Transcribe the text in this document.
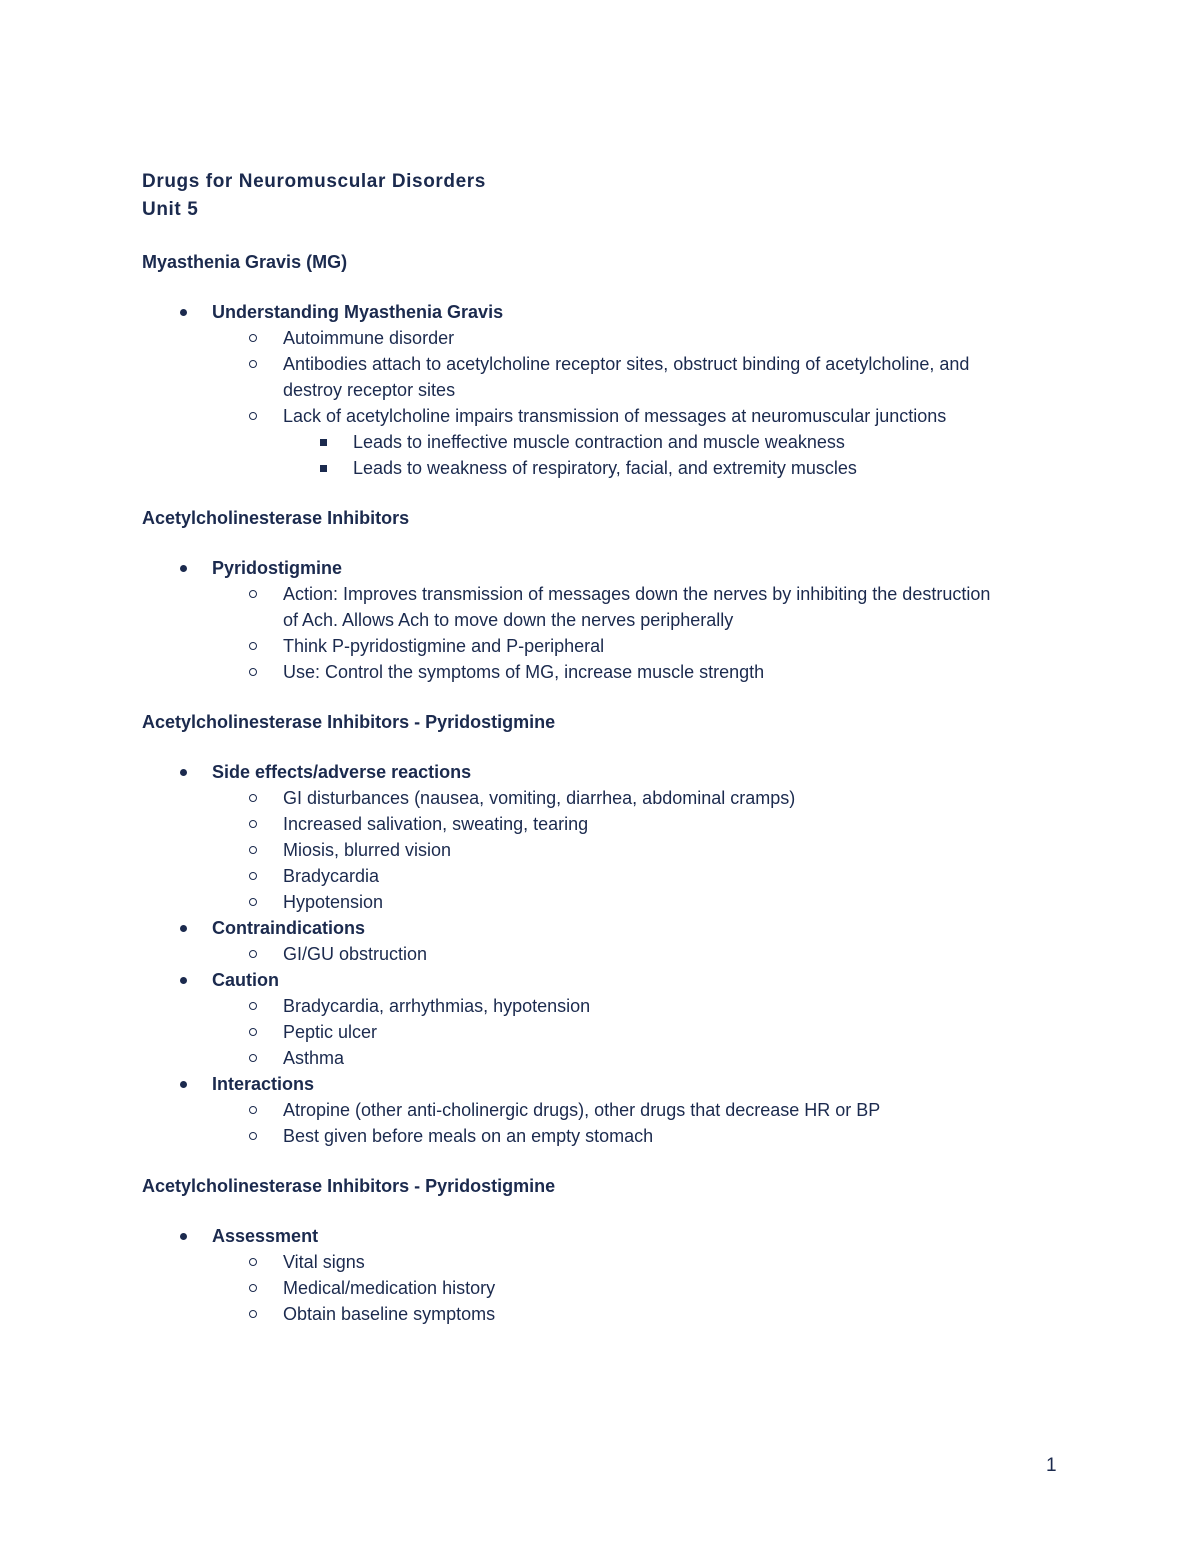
Drugs for Neuromuscular Disorders
Unit 5
Myasthenia Gravis (MG)
Understanding Myasthenia Gravis
Autoimmune disorder
Antibodies attach to acetylcholine receptor sites, obstruct binding of acetylcholine, and
destroy receptor sites
Lack of acetylcholine impairs transmission of messages at neuromuscular junctions
Leads to ineffective muscle contraction and muscle weakness
Leads to weakness of respiratory, facial, and extremity muscles
Acetylcholinesterase Inhibitors
Pyridostigmine
Action: Improves transmission of messages down the nerves by inhibiting the destruction
of Ach. Allows Ach to move down the nerves peripherally
Think P-pyridostigmine and P-peripheral
Use: Control the symptoms of MG, increase muscle strength
Acetylcholinesterase Inhibitors - Pyridostigmine
Side effects/adverse reactions
GI disturbances (nausea, vomiting, diarrhea, abdominal cramps)
Increased salivation, sweating, tearing
Miosis, blurred vision
Bradycardia
Hypotension
Contraindications
GI/GU obstruction
Caution
Bradycardia, arrhythmias, hypotension
Peptic ulcer
Asthma
Interactions
Atropine (other anti-cholinergic drugs), other drugs that decrease HR or BP
Best given before meals on an empty stomach
Acetylcholinesterase Inhibitors - Pyridostigmine
Assessment
Vital signs
Medical/medication history
Obtain baseline symptoms
1
